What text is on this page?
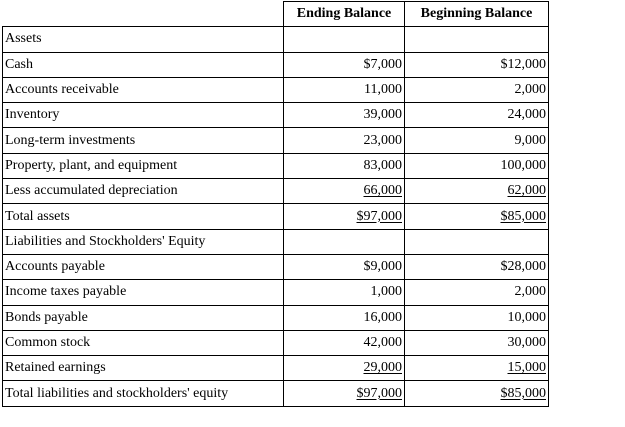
	Ending Balance	Beginning Balance
Assets		
Cash	$7,000	$12,000
Accounts receivable	11,000	2,000
Inventory	39,000	24,000
Long-term investments	23,000	9,000
Property, plant, and equipment	83,000	100,000
Less accumulated depreciation	66,000	62,000
Total assets	$97,000	$85,000
Liabilities and Stockholders' Equity		
Accounts payable	$9,000	$28,000
Income taxes payable	1,000	2,000
Bonds payable	16,000	10,000
Common stock	42,000	30,000
Retained earnings	29,000	15,000
Total liabilities and stockholders' equity	$97,000	$85,000
